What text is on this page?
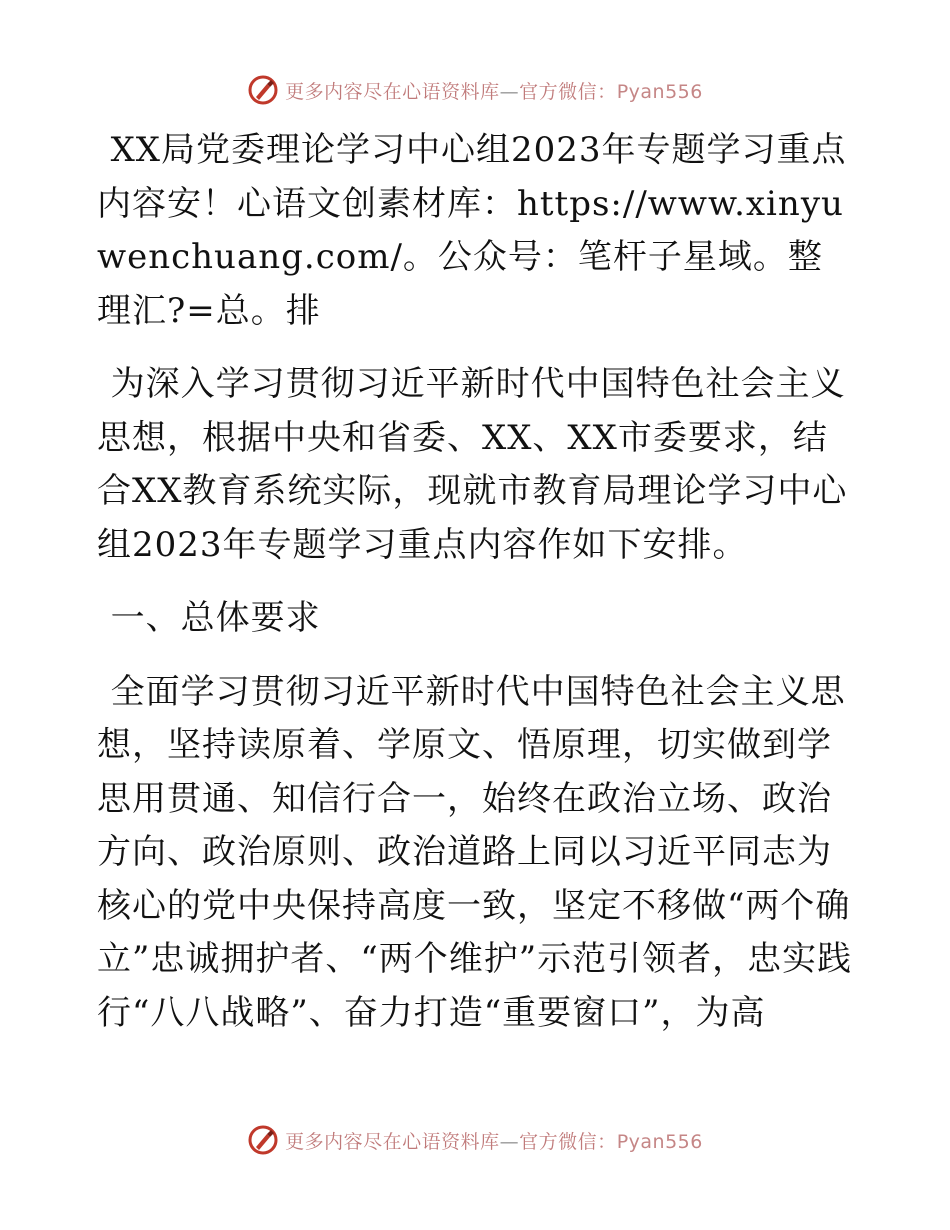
更多内容尽在心语资料库—官方微信：Pyan556

XX局党委理论学习中心组2023年专题学习重点内容安！心语文创素材库：https://www.xinyuwenchuang.com/。公众号：笔杆子星域。整理汇?=总。排

为深入学习贯彻习近平新时代中国特色社会主义思想，根据中央和省委、XX、XX市委要求，结合XX教育系统实际，现就市教育局理论学习中心组2023年专题学习重点内容作如下安排。

一、总体要求

全面学习贯彻习近平新时代中国特色社会主义思想，坚持读原着、学原文、悟原理，切实做到学思用贯通、知信行合一，始终在政治立场、政治方向、政治原则、政治道路上同以习近平同志为核心的党中央保持高度一致，坚定不移做“两个确立”忠诚拥护者、“两个维护”示范引领者，忠实践行“八八战略”、奋力打造“重要窗口”，为高

更多内容尽在心语资料库—官方微信：Pyan556
